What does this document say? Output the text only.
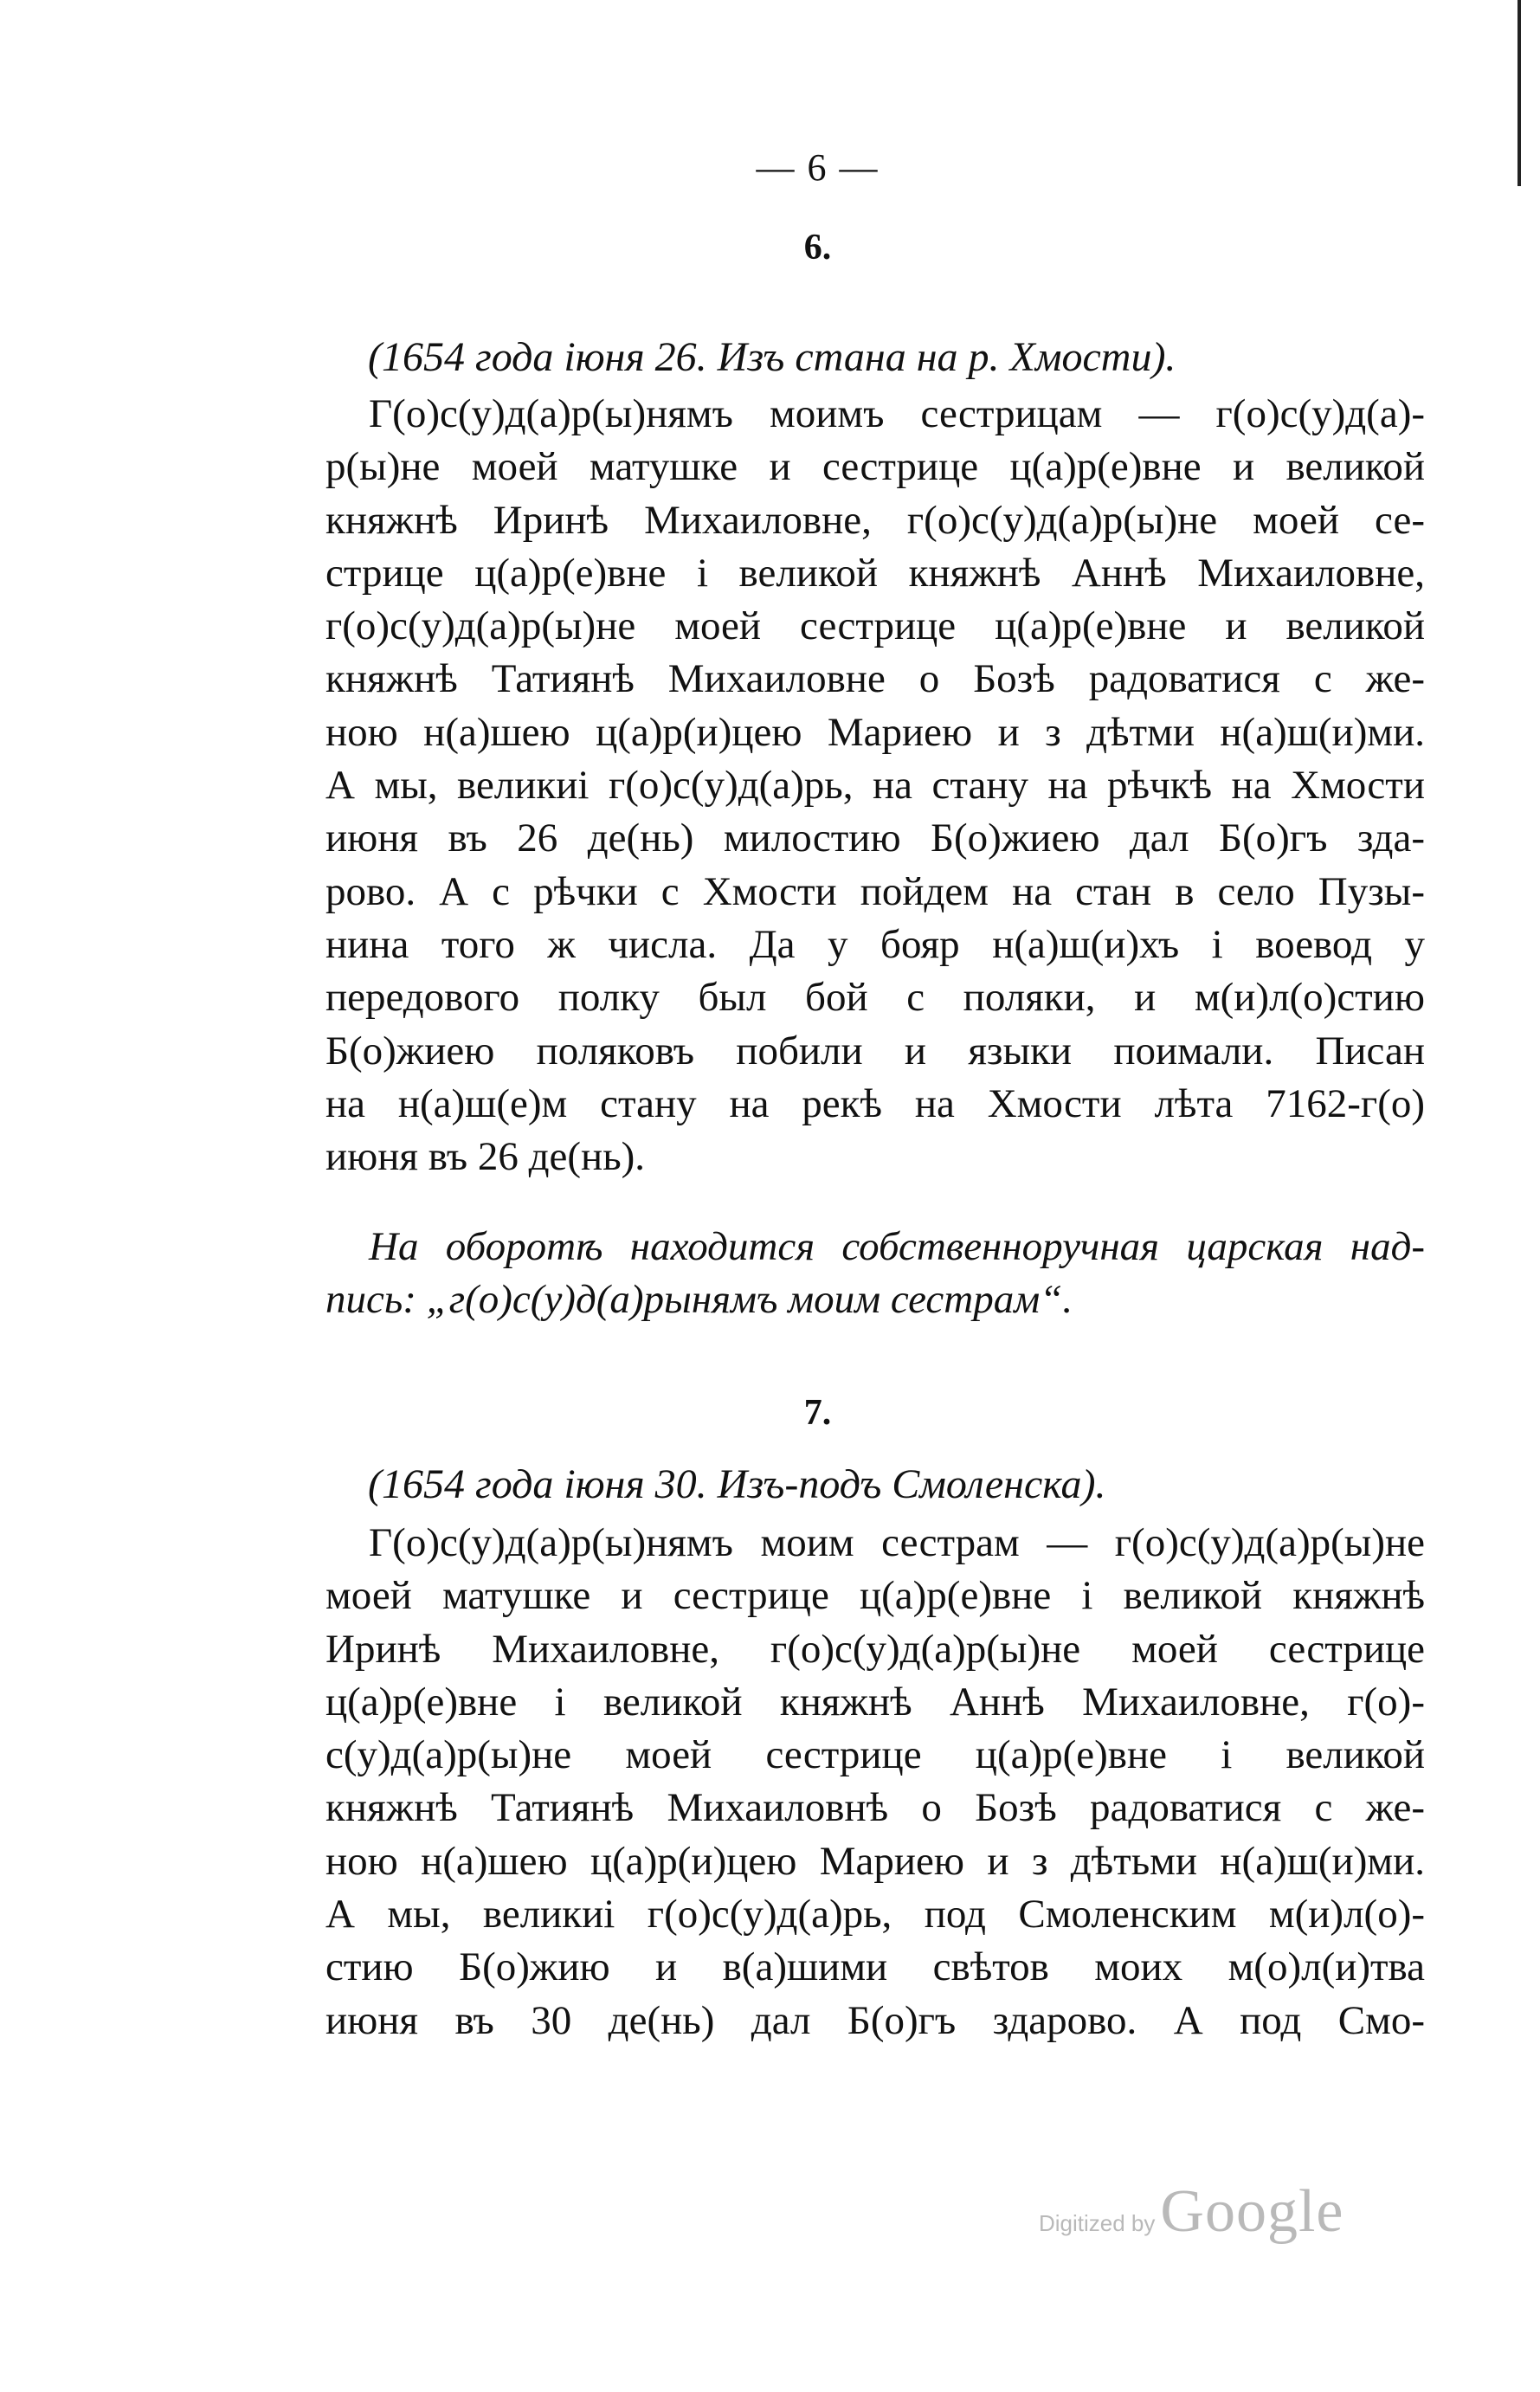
— 6 —
6.
(1654 года іюня 26. Изъ стана на р. Хмости).
Г(о)с(у)д(а)р(ы)нямъ моимъ сестрицам — г(о)с(у)д(а)-
р(ы)не моей матушке и сестрице ц(а)р(е)вне и великой
княжнѣ Иринѣ Михаиловне, г(о)с(у)д(а)р(ы)не моей се-
стрице ц(а)р(е)вне і великой княжнѣ Аннѣ Михаиловне,
г(о)с(у)д(а)р(ы)не моей сестрице ц(а)р(е)вне и великой
княжнѣ Татиянѣ Михаиловне о Бозѣ радоватися с же-
ною н(а)шею ц(а)р(и)цею Мариею и з дѣтми н(а)ш(и)ми.
А мы, великиі г(о)с(у)д(а)рь, на стану на рѣчкѣ на Хмости
июня въ 26 де(нь) милостию Б(о)жиею дал Б(о)гъ зда-
рово. А с рѣчки с Хмости пойдем на стан в село Пузы-
нина того ж числа. Да у бояр н(а)ш(и)хъ і воевод у
передового полку был бой с поляки, и м(и)л(о)стию
Б(о)жиею поляковъ побили и языки поимали. Писан
на н(а)ш(е)м стану на рекѣ на Хмости лѣта 7162-г(о)
июня въ 26 де(нь).
На оборотѣ находится собственноручная царская над-
пись: „г(о)с(у)д(а)рынямъ моим сестрам“.
7.
(1654 года іюня 30. Изъ-подъ Смоленска).
Г(о)с(у)д(а)р(ы)нямъ моим сестрам — г(о)с(у)д(а)р(ы)не
моей матушке и сестрице ц(а)р(е)вне і великой княжнѣ
Иринѣ Михаиловне, г(о)с(у)д(а)р(ы)не моей сестрице
ц(а)р(е)вне і великой княжнѣ Аннѣ Михаиловне, г(о)-
с(у)д(а)р(ы)не моей сестрице ц(а)р(е)вне і великой
княжнѣ Татиянѣ Михаиловнѣ о Бозѣ радоватися с же-
ною н(а)шею ц(а)р(и)цею Мариею и з дѣтьми н(а)ш(и)ми.
А мы, великиі г(о)с(у)д(а)рь, под Смоленским м(и)л(о)-
стию Б(о)жию и в(а)шими свѣтов моих м(о)л(и)тва
июня въ 30 де(нь) дал Б(о)гъ здарово. А под Смо-
Digitized byGoogle
